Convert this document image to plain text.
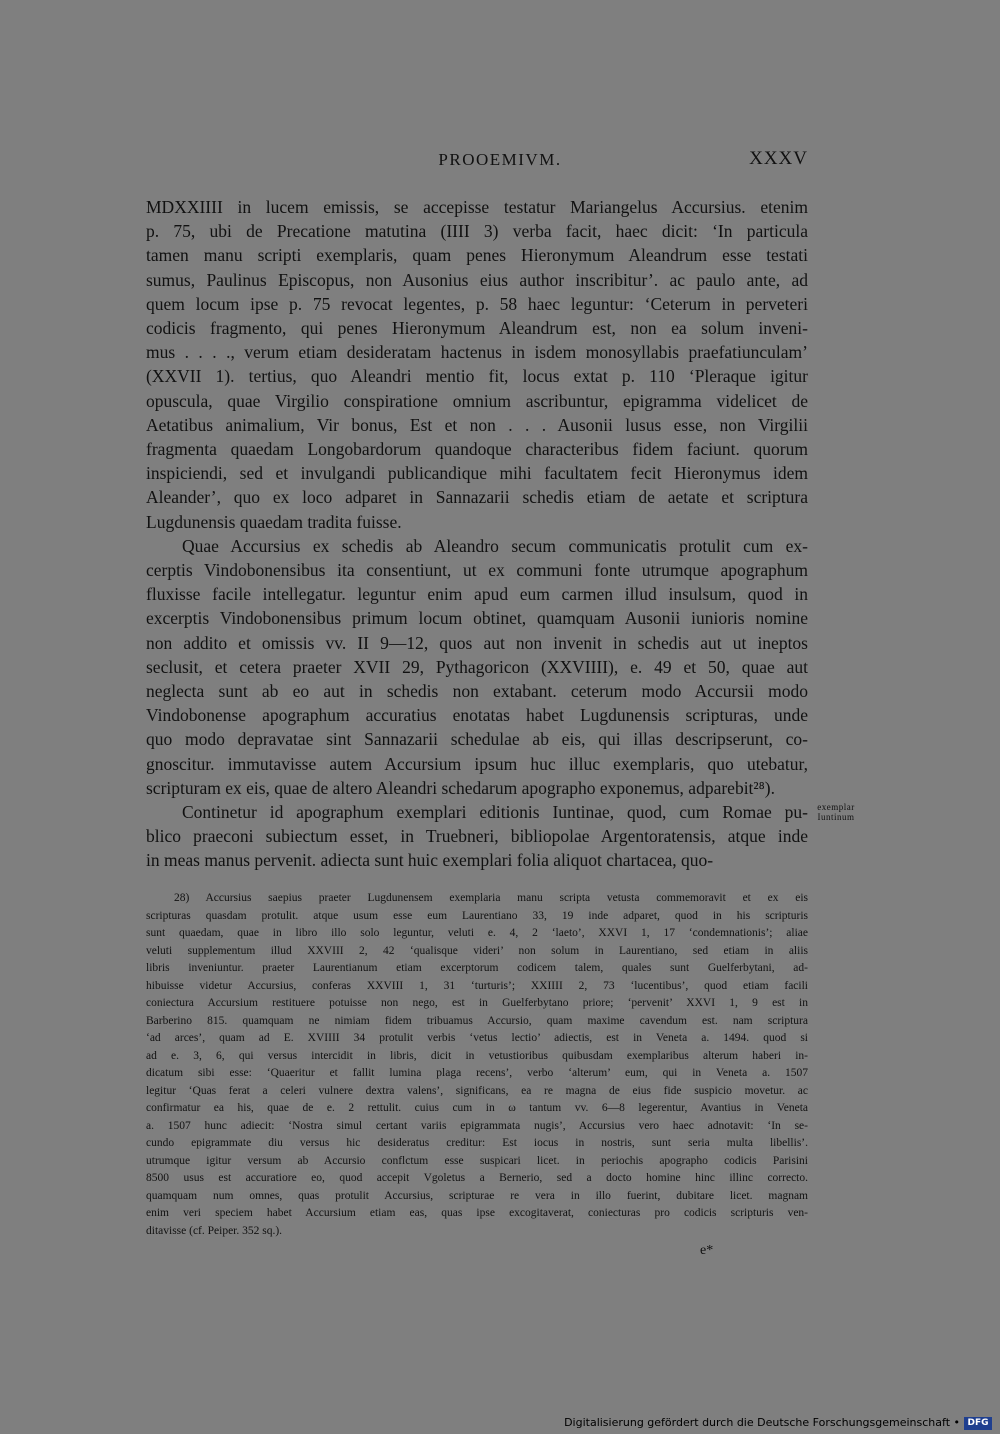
PROOEMIVM.	XXXV

MDXXIIII in lucem emissis, se accepisse testatur Mariangelus Accursius. etenim
p. 75, ubi de Precatione matutina (IIII 3) verba facit, haec dicit: ‘In particula
tamen manu scripti exemplaris, quam penes Hieronymum Aleandrum esse testati
sumus, Paulinus Episcopus, non Ausonius eius author inscribitur’. ac paulo ante, ad
quem locum ipse p. 75 revocat legentes, p. 58 haec leguntur: ‘Ceterum in perveteri
codicis fragmento, qui penes Hieronymum Aleandrum est, non ea solum inveni-
mus . . . ., verum etiam desideratam hactenus in isdem monosyllabis praefatiunculam’
(XXVII 1). tertius, quo Aleandri mentio fit, locus extat p. 110 ‘Pleraque igitur
opuscula, quae Virgilio conspiratione omnium ascribuntur, epigramma videlicet de
Aetatibus animalium, Vir bonus, Est et non . . . Ausonii lusus esse, non Virgilii
fragmenta quaedam Longobardorum quandoque characteribus fidem faciunt. quorum
inspiciendi, sed et invulgandi publicandique mihi facultatem fecit Hieronymus idem
Aleander’, quo ex loco adparet in Sannazarii schedis etiam de aetate et scriptura
Lugdunensis quaedam tradita fuisse.

Quae Accursius ex schedis ab Aleandro secum communicatis protulit cum ex-
cerptis Vindobonensibus ita consentiunt, ut ex communi fonte utrumque apographum
fluxisse facile intellegatur. leguntur enim apud eum carmen illud insulsum, quod in
excerptis Vindobonensibus primum locum obtinet, quamquam Ausonii iunioris nomine
non addito et omissis vv. II 9—12, quos aut non invenit in schedis aut ut ineptos
seclusit, et cetera praeter XVII 29, Pythagoricon (XXVIIII), e. 49 et 50, quae aut
neglecta sunt ab eo aut in schedis non extabant. ceterum modo Accursii modo
Vindobonense apographum accuratius enotatas habet Lugdunensis scripturas, unde
quo modo depravatae sint Sannazarii schedulae ab eis, qui illas descripserunt, co-
gnoscitur. immutavisse autem Accursium ipsum huc illuc exemplaris, quo utebatur,
scripturam ex eis, quae de altero Aleandri schedarum apographo exponemus, adparebit²⁸).

Continetur id apographum exemplari editionis Iuntinae, quod, cum Romae pu-
blico praeconi subiectum esset, in Truebneri, bibliopolae Argentoratensis, atque inde
in meas manus pervenit. adiecta sunt huic exemplari folia aliquot chartacea, quo-

exemplar
Iuntinum
28) Accursius saepius praeter Lugdunensem exemplaria manu scripta vetusta commemoravit et ex eis
scripturas quasdam protulit. atque usum esse eum Laurentiano 33, 19 inde adparet, quod in his scripturis
sunt quaedam, quae in libro illo solo leguntur, veluti e. 4, 2 ‘laeto’, XXVI 1, 17 ‘condemnationis’; aliae
veluti supplementum illud XXVIII 2, 42 ‘qualisque videri’ non solum in Laurentiano, sed etiam in aliis
libris inveniuntur. praeter Laurentianum etiam excerptorum codicem talem, quales sunt Guelferbytani, ad-
hibuisse videtur Accursius, conferas XXVIII 1, 31 ‘turturis’; XXIIII 2, 73 ‘lucentibus’, quod etiam facili
coniectura Accursium restituere potuisse non nego, est in Guelferbytano priore; ‘pervenit’ XXVI 1, 9 est in
Barberino 815. quamquam ne nimiam fidem tribuamus Accursio, quam maxime cavendum est. nam scriptura
‘ad arces’, quam ad E. XVIIII 34 protulit verbis ‘vetus lectio’ adiectis, est in Veneta a. 1494. quod si
ad e. 3, 6, qui versus intercidit in libris, dicit in vetustioribus quibusdam exemplaribus alterum haberi in-
dicatum sibi esse: ‘Quaeritur et fallit lumina plaga recens’, verbo ‘alterum’ eum, qui in Veneta a. 1507
legitur ‘Quas ferat a celeri vulnere dextra valens’, significans, ea re magna de eius fide suspicio movetur. ac
confirmatur ea his, quae de e. 2 rettulit. cuius cum in ω tantum vv. 6—8 legerentur, Avantius in Veneta
a. 1507 hunc adiecit: ‘Nostra simul certant variis epigrammata nugis’, Accursius vero haec adnotavit: ‘In se-
cundo epigrammate diu versus hic desideratus creditur: Est iocus in nostris, sunt seria multa libellis’.
utrumque igitur versum ab Accursio conflctum esse suspicari licet. in periochis apographo codicis Parisini
8500 usus est accuratiore eo, quod accepit Vgoletus a Bernerio, sed a docto homine hinc illinc correcto.
quamquam num omnes, quas protulit Accursius, scripturae re vera in illo fuerint, dubitare licet. magnam
enim veri speciem habet Accursium etiam eas, quas ipse excogitaverat, coniecturas pro codicis scripturis ven-
ditavisse (cf. Peiper. 352 sq.).
e*
Digitalisierung gefördert durch die Deutsche Forschungsgemeinschaft • DFG
